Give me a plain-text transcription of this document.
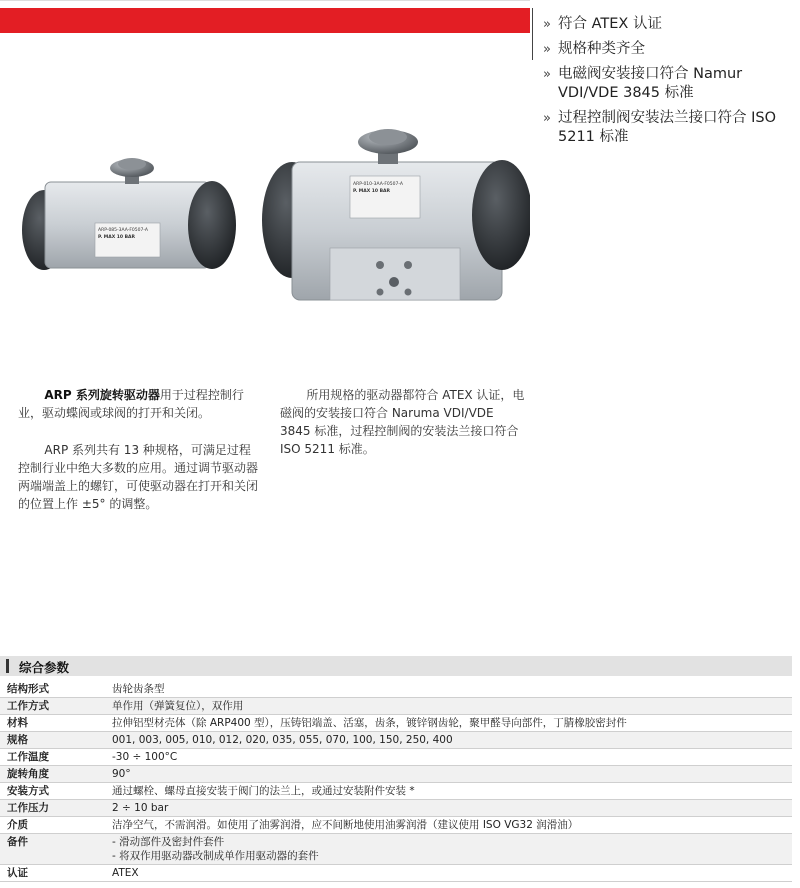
» 符合 ATEX 认证
» 规格种类齐全
» 电磁阀安装接口符合 Namur VDI/VDE 3845 标准
» 过程控制阀安装法兰接口符合 ISO 5211 标准
ARP-085-3AA-F0507-A
P. MAX 10 BAR
ARP-010-3AA-F0507-A
P. MAX 10 BAR
ARP 系列旋转驱动器用于过程控制行业，驱动蝶阀或球阀的打开和关闭。
ARP 系列共有 13 种规格，可满足过程控制行业中绝大多数的应用。通过调节驱动器两端端盖上的螺钉，可使驱动器在打开和关闭的位置上作 ±5° 的调整。
所用规格的驱动器都符合 ATEX 认证，电磁阀的安装接口符合 Naruma VDI/VDE 3845 标准，过程控制阀的安装法兰接口符合 ISO 5211 标准。
综合参数
结构形式	齿轮齿条型
工作方式	单作用（弹簧复位），双作用
材料	拉伸铝型材壳体（除 ARP400 型），压铸铝端盖、活塞，齿条，镀锌钢齿轮，聚甲醛导向部件，丁腈橡胶密封件
规格	001, 003, 005, 010, 012, 020, 035, 055, 070, 100, 150, 250, 400
工作温度	-30 ÷ 100°C
旋转角度	90°
安装方式	通过螺栓、螺母直接安装于阀门的法兰上，或通过安装附件安装 *
工作压力	2 ÷ 10 bar
介质	洁净空气，不需润滑。如使用了油雾润滑，应不间断地使用油雾润滑（建议使用 ISO VG32 润滑油）
备件	- 滑动部件及密封件套件
- 将双作用驱动器改制成单作用驱动器的套件

认证	ATEX
